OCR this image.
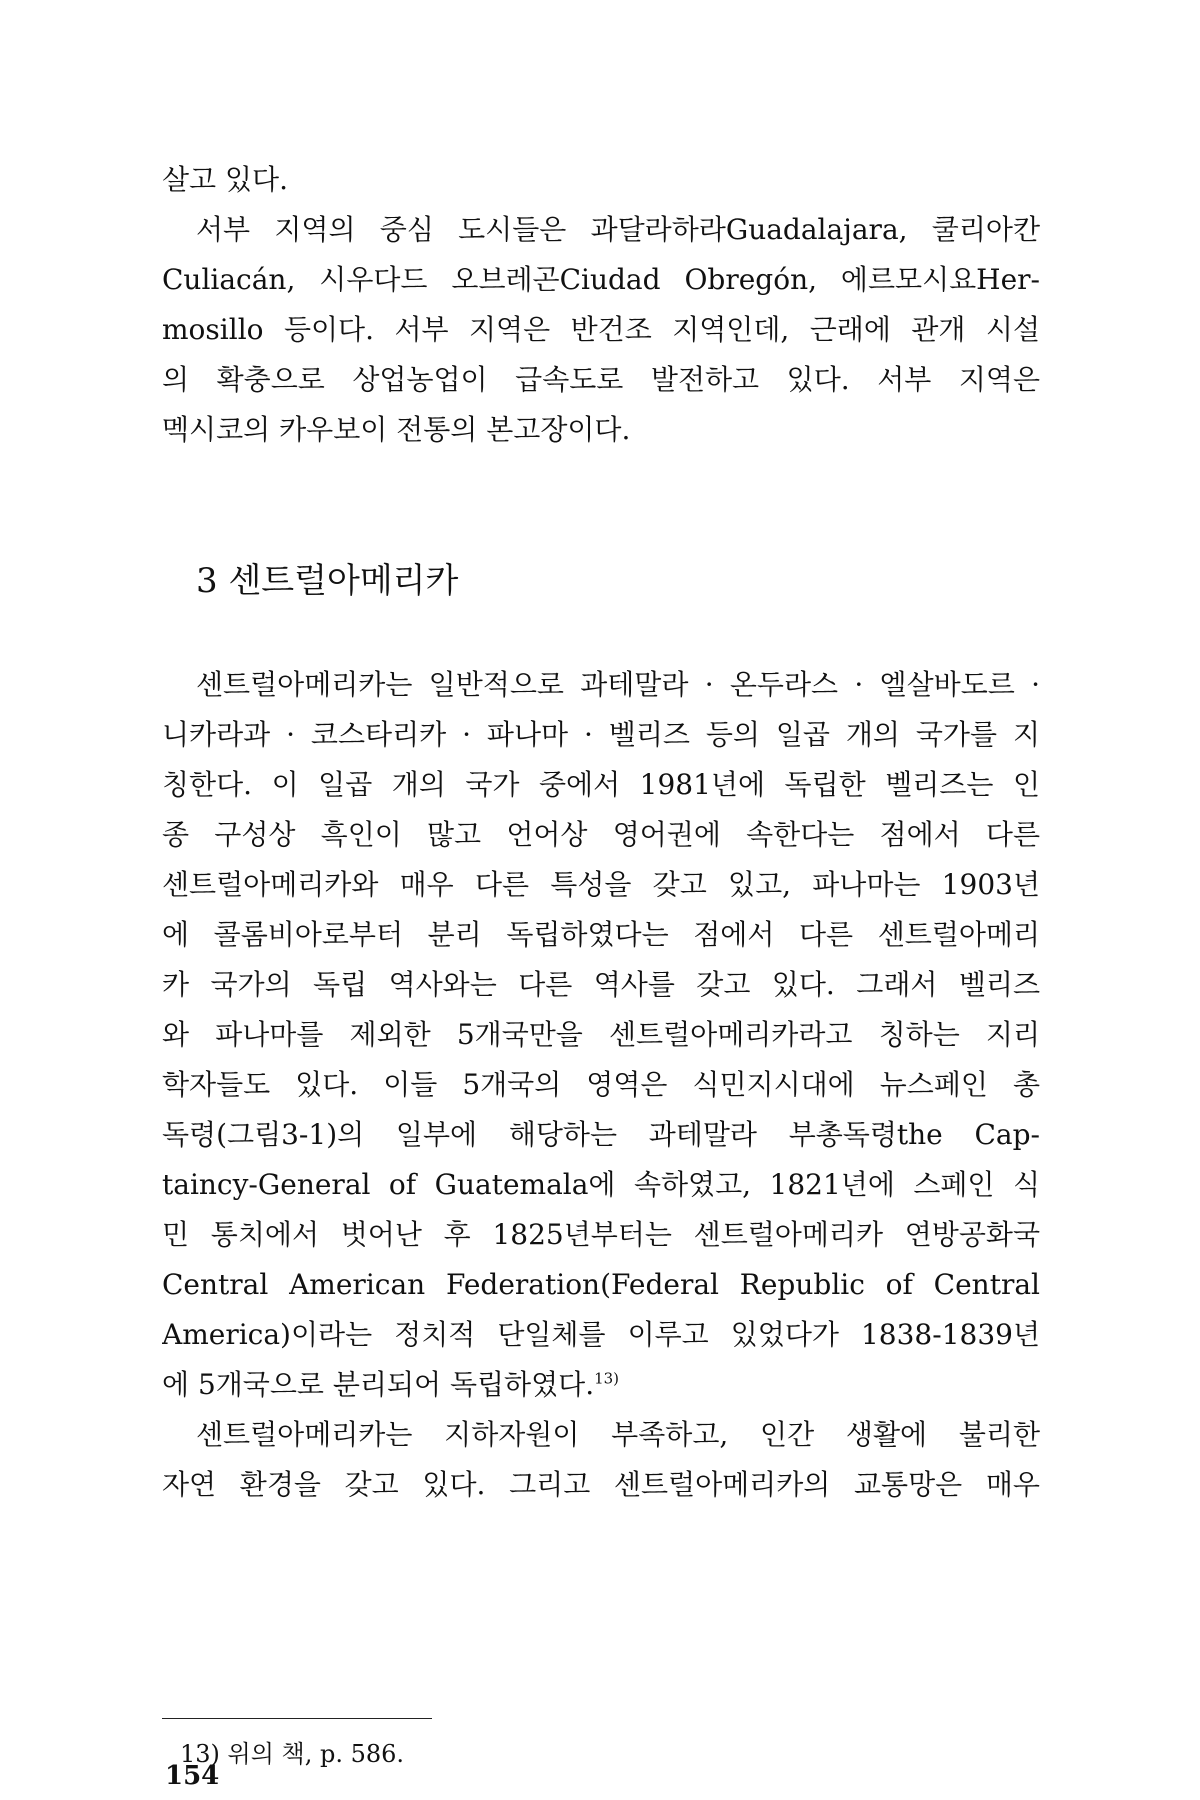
살고 있다.
서부 지역의 중심 도시들은 과달라하라Guadalajara, 쿨리아칸
Culiacán, 시우다드 오브레곤Ciudad Obregón, 에르모시요Her-
mosillo 등이다. 서부 지역은 반건조 지역인데, 근래에 관개 시설
의 확충으로 상업농업이 급속도로 발전하고 있다. 서부 지역은
멕시코의 카우보이 전통의 본고장이다.
3 센트럴아메리카
센트럴아메리카는 일반적으로 과테말라 · 온두라스 · 엘살바도르 ·
니카라과 · 코스타리카 · 파나마 · 벨리즈 등의 일곱 개의 국가를 지
칭한다. 이 일곱 개의 국가 중에서 1981년에 독립한 벨리즈는 인
종 구성상 흑인이 많고 언어상 영어권에 속한다는 점에서 다른
센트럴아메리카와 매우 다른 특성을 갖고 있고, 파나마는 1903년
에 콜롬비아로부터 분리 독립하였다는 점에서 다른 센트럴아메리
카 국가의 독립 역사와는 다른 역사를 갖고 있다. 그래서 벨리즈
와 파나마를 제외한 5개국만을 센트럴아메리카라고 칭하는 지리
학자들도 있다. 이들 5개국의 영역은 식민지시대에 뉴스페인 총
독령(그림3-1)의 일부에 해당하는 과테말라 부총독령the Cap-
taincy-General of Guatemala에 속하였고, 1821년에 스페인 식
민 통치에서 벗어난 후 1825년부터는 센트럴아메리카 연방공화국
Central American Federation(Federal Republic of Central
America)이라는 정치적 단일체를 이루고 있었다가 1838-1839년
에 5개국으로 분리되어 독립하였다.$^{13)}$
센트럴아메리카는 지하자원이 부족하고, 인간 생활에 불리한
자연 환경을 갖고 있다. 그리고 센트럴아메리카의 교통망은 매우
13) 위의 책, p. 586.
154
